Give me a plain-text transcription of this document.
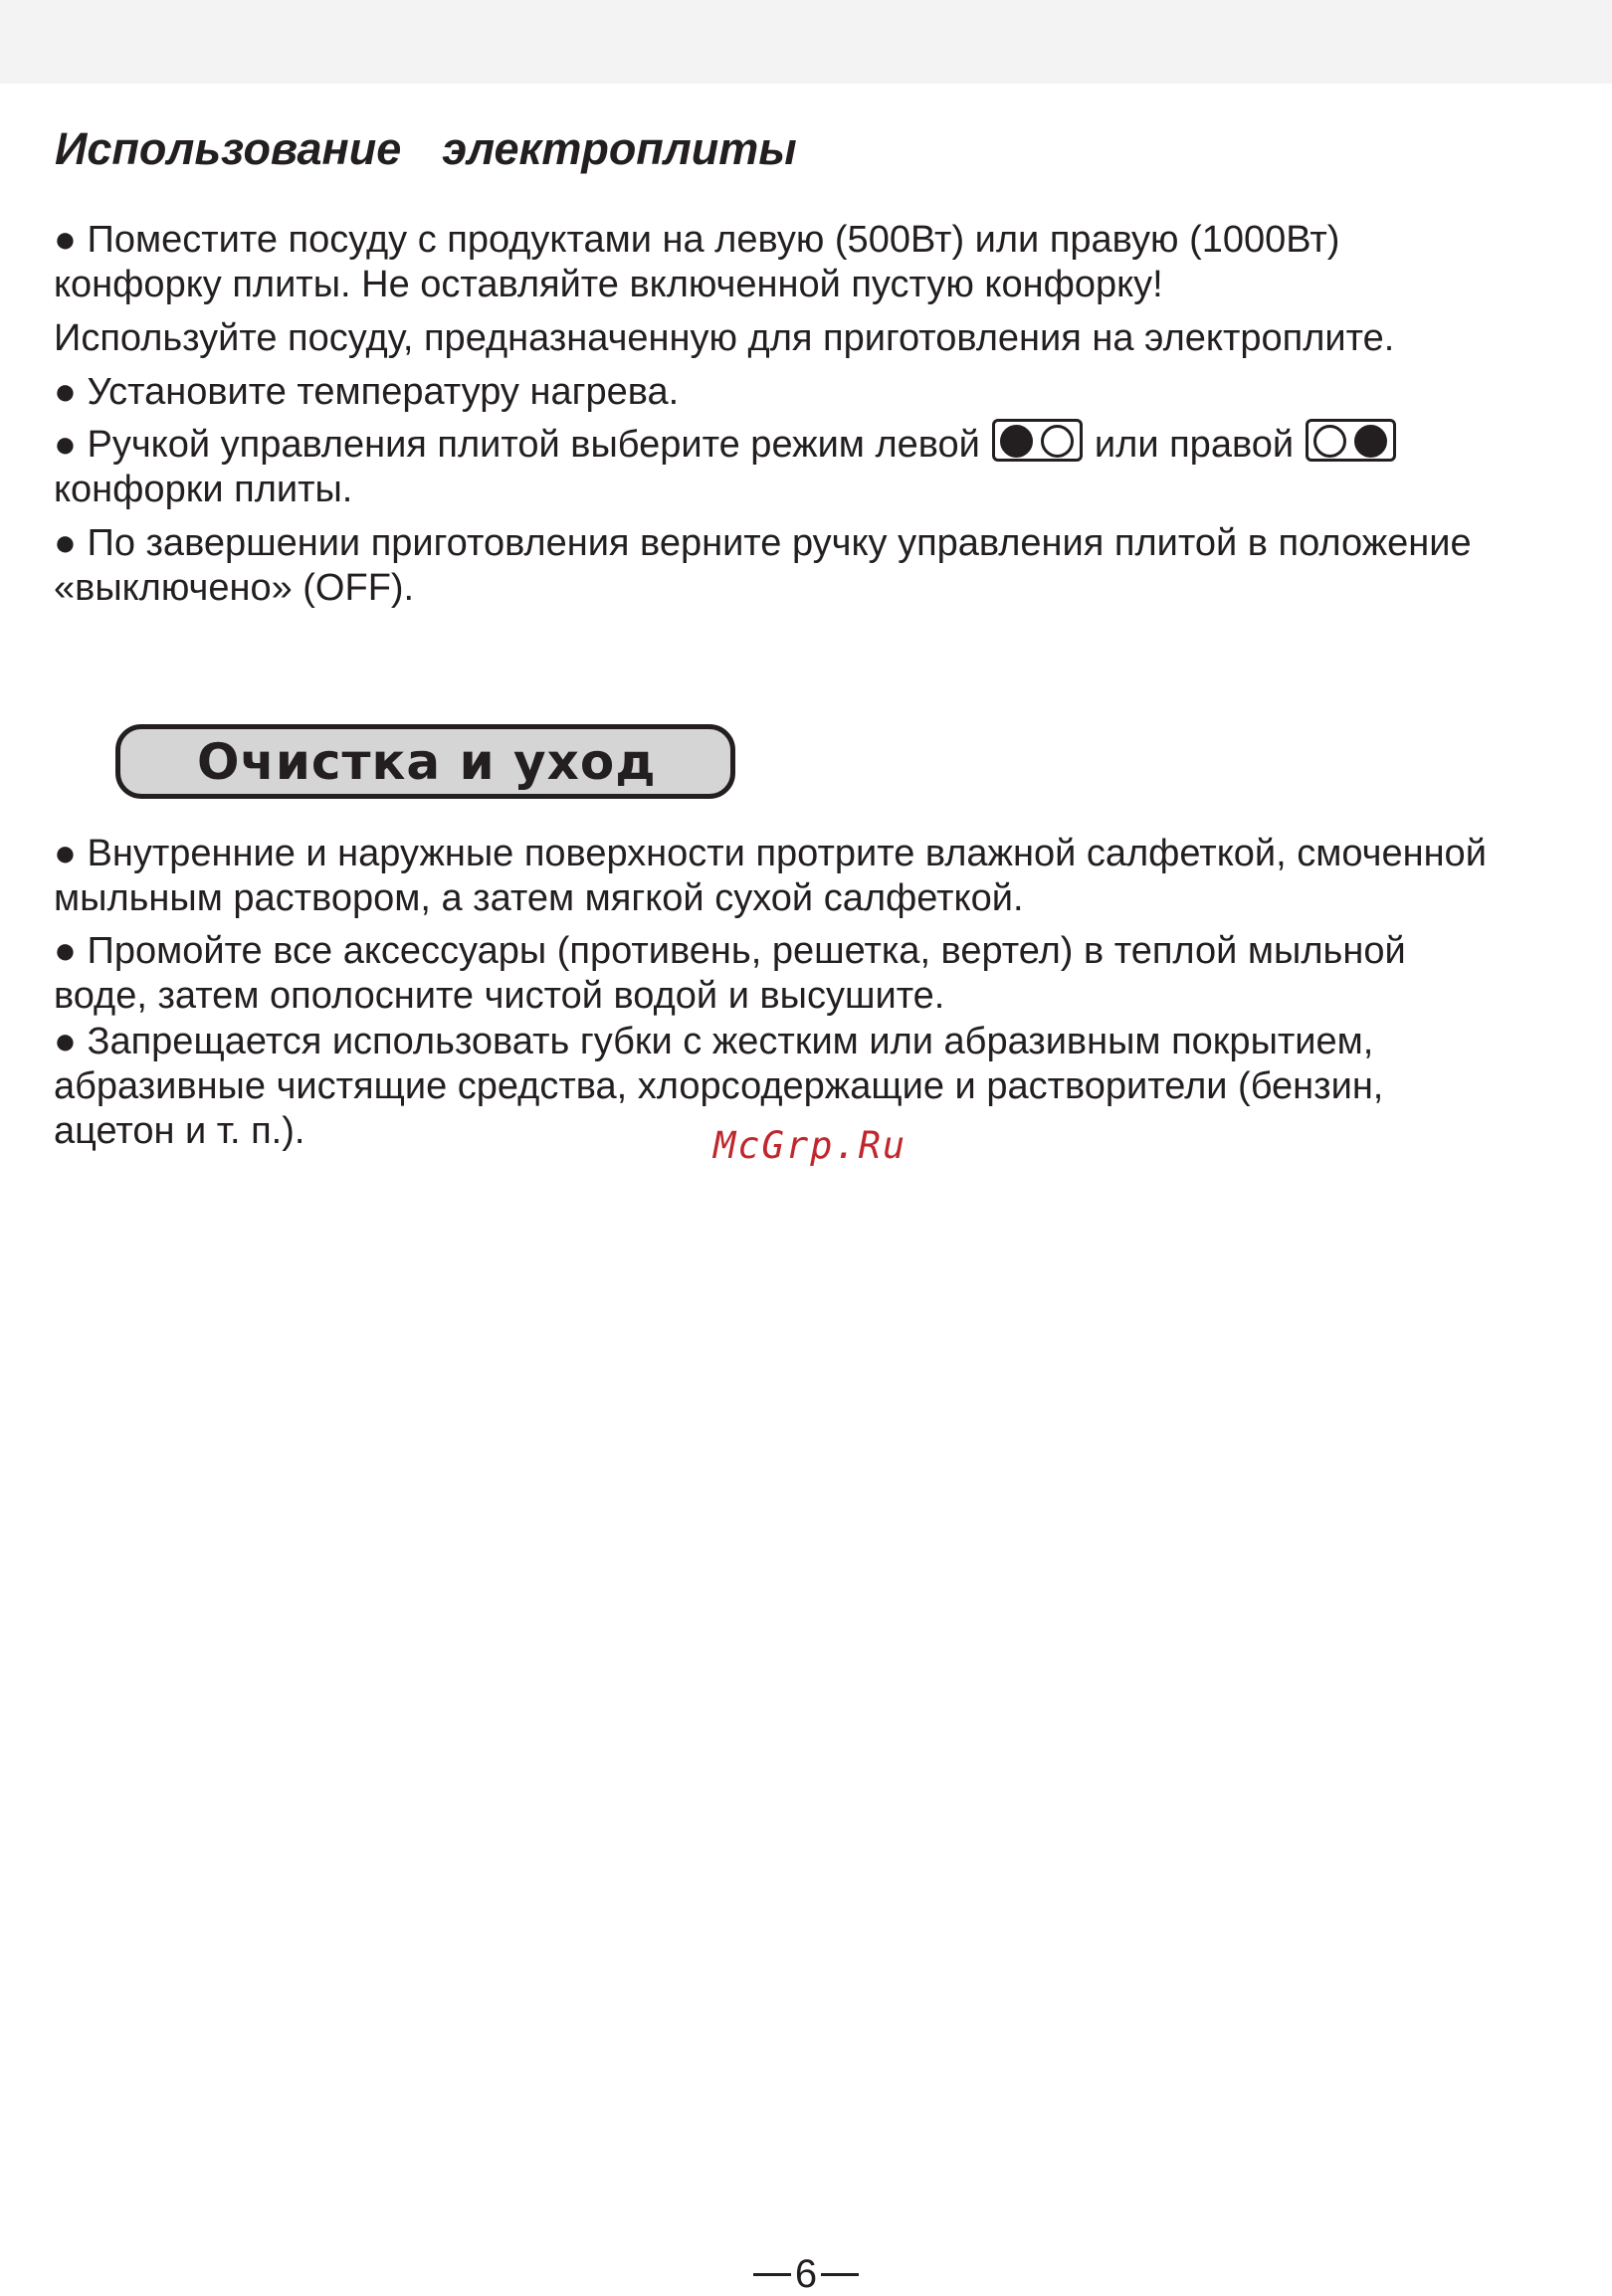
Использование  электроплиты

● Поместите посуду с продуктами на левую (500Вт) или правую (1000Вт)
конфорку плиты. Не оставляйте включенной пустую конфорку!

Используйте посуду, предназначенную для приготовления на электроплите.

● Установите температуру нагрева.

● Ручкой управления плитой выберите режим левой	или правой

конфорки плиты.

● По завершении приготовления верните ручку управления плитой в положение
«выключено» (OFF).

Очистка и уход

● Внутренние и наружные поверхности протрите влажной салфеткой, смоченной
мыльным раствором, а затем мягкой сухой салфеткой.

● Промойте все аксессуары (противень, решетка, вертел) в теплой мыльной
воде, затем ополосните чистой водой и высушите.

● Запрещается использовать губки с жестким или абразивным покрытием,
абразивные чистящие средства, хлорсодержащие и растворители (бензин,
ацетон и т. п.).	McGrp.Ru
6
